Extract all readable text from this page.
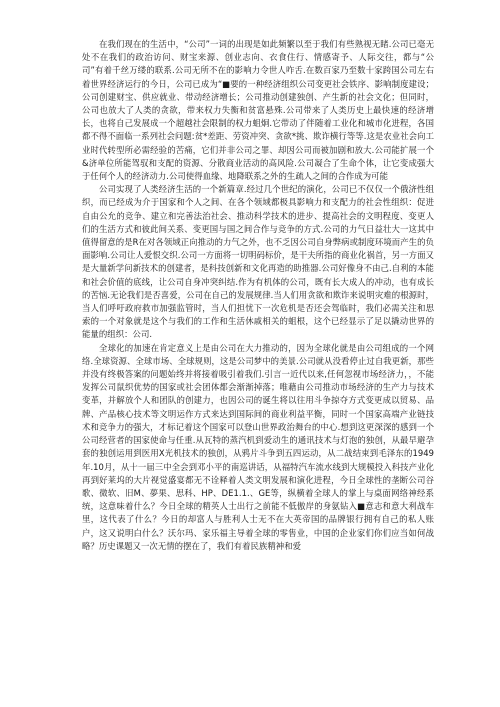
在我们现在的生活中，“公司”一词的出现是如此频繁以至于我们有些熟视无睹.公司已毫无处不在我们的政治访问、财宝来源、创业志向、衣食住行、情感寄予、人际交往，都与“公司”有着千丝万缕的联系.公司无所不在的影响力令世人咋舌.在数百家乃至数十家跨国公司左右着世界经济运行的今日，公司已成为“■要的一种经济组织公司变更社会铁序、影响制度建设；公司创建财宝、供应就业、带动经济增长；公司推动创建独创、产生新的社会文化；但同时，公司也放大了人类的贪欲，带来权力失衡和贫富悬殊.公司带来了人类历史上最快速的经济增长，也将自己发展成一个超越社会限制的权力蛆炯.它带动了伴随着工业化和城市化进程，各国都不得不面临一系列社会问题:贫*差距、劳资冲突、贪欲*挑、欺诈横行等等.这是农业社会向工业时代转型所必需经验的苦痛，它们并非公司之罪、却因公司而被加剧和放大.公司能扩展一个&济单位所能驾驭和支配的资源、分散商业活动的高风险.公司凝合了生命个体，让它变成强大于任何个人的经济动力.公司使得血缘、地降联系之外的生疏人之间的合作成为可能

公司实现了人类经济生活的一个新篇章.经过几个世纪的演化，公司已不仅仅一个俄济性组织，而已经成为介于国家和个人之间、在各个领域都极具影响力和支配力的社会性组织：促进自由公允的竞争、建立和完善法治社会、推动科学技术的进步、提高社会的文明程度、变更人们的生活方式和彼此间关系、变更国与国之间合作与竞争的方式.公司的力气日益壮大一这其中值得留意的是R在对各领域正向推动的力气之外，也不乏因公司自身弊病或制度环境而产生的负面影响.公司让人爱恨交织.公司一方面将一切明码标价，是干夫所指的商业化祸首，另一方面又是大量新学问新技术的创建者，是科技创新和文化再造的助推器.公司好像身不由己.自利的本能和社会价值的底线，让公司自身冲突纠结.作为有机体的公司，既有长大成人的冲动，也有成长的苦恼.无论我们是否喜爱，公司在自己的发展规律.当人们用贪欲和欺诈来说明灾难的根源时，当人们呼吁政府救市加强监管时，当人们担忧下一次危机是否还会驾临时，我们必需关注和思索的一个对象就是这个与我们的工作和生活休戚相关的蛆根，这个已经显示了足以撬动世界的能量的组织：公司.

全球化的加速在肯定意义上是由公司在大力推动的，因为全球化就是由公司组成的一个网络.全球资源、全球市场、全球规则，这是公司梦中的美景.公司就从没看停止过自我更新，那些并没有终极答案的问题始终并将接着吸引着我们.引言一近代以来,任何忽视市场经济力，，不能发挥公司鼠织优势的国家或社会团体都会渐渐掉落；唯藉由公司推动市场经济的生产力与技术变革，并解放个人和团队的创建力，也因公司的诞生将以往用斗争掠夺方式变更成以贸易、品牌、产品核心技术等文明运作方式来达到国际间的商业利益平衡，同时一个国家高端产业链技术和竞争力的强大，才标记着这个国家可以登山世界政治舞台的中心.想到这更深深的感到一个公司经营者的国家使命与任重.从瓦特的蒸汽机到爱动生的通讯技术与灯泡的独创，从最早避孕套的独创运用到医用X光机技术的独创，从鸦片斗争到五四运动，从二战结束到毛泽东的1949年.10月，从十一届三中全会到邓小平的南巡讲话，从福特汽车流水线到大规模投入科技产业化再到好莱坞的大片视觉盛宴都无不诠释着人类文明发展和演化进程，今日全球性的垄断公司谷歌、微软、旧M、夢果、思科、HP、DE1.1.、GE等，纵横着全球人的掌上与桌面网络神经系统，这意味着什么？今日全球的精英人士出行之前能不低傲岸的身氨钻入■意志和意大利战车里，这代表了什么？今日的却富人与胜利人士无不在大英帝国的品牌银行拥有自己的私人账户，这又说明白什么？沃尔玛、家乐福主导着全球的零售业，中国的企业家们你们应当如何战略？历史课题又一次无情的摆在了，我们有着民族精神和爱
